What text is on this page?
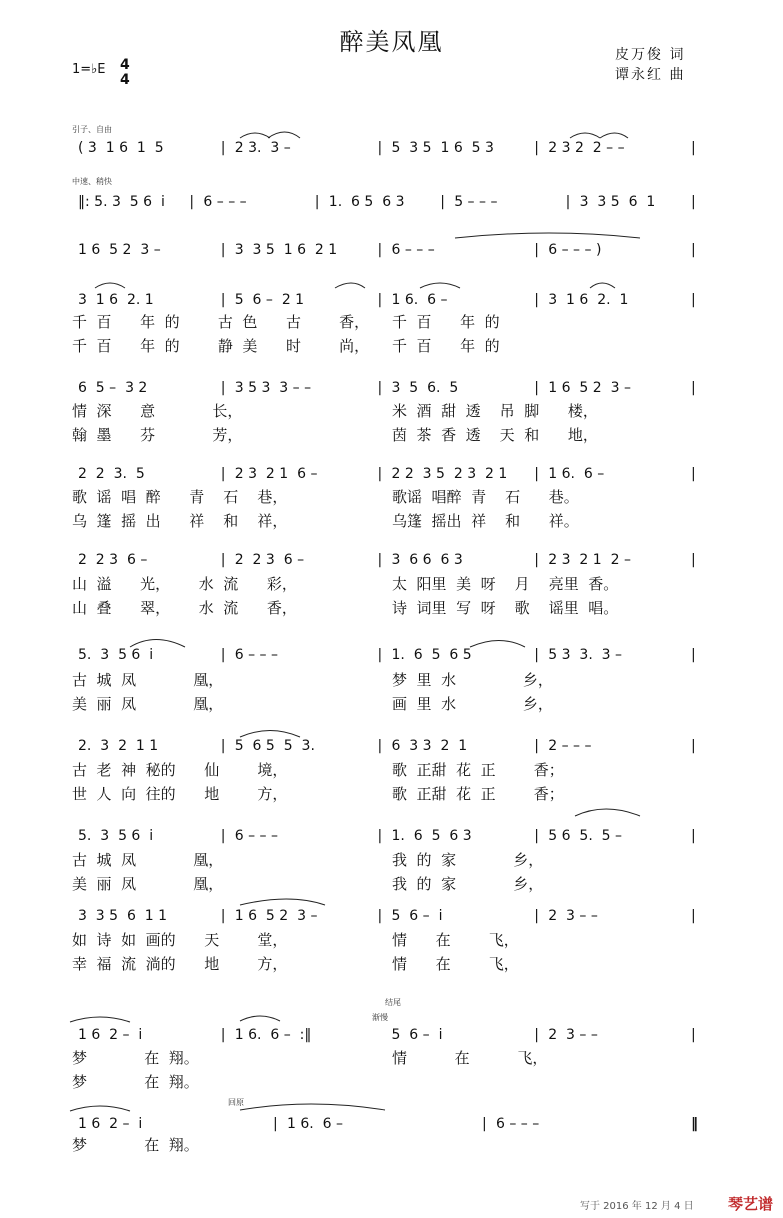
醉美凤凰	皮万俊 词
谭永红 曲
1=♭E 4
4
引子、自由
中速、稍快
结尾
渐慢
回原
( 3  1 6  1  5	| 2 3.  3 –	| 5  3 5  1 6  5 3	| 2 3 2  2 – –	|
‖: 5. 3  5 6  i | 6 – – –	| 1.  6 5  6 3	| 5 – – –	| 3  3 5  6  1	|
1 6  5 2  3 –	| 3  3 5  1 6  2 1	| 6 – – –	| 6 – – – )	|
3  1 6  2. 1	| 5  6 –  2 1	| 1 6.  6 –	| 3  1 6  2.  1	|
6  5 –  3 2	| 3 5 3  3 – –	| 3  5  6.  5	| 1 6  5 2  3 –	|
2  2  3.  5	| 2 3  2 1  6 –	| 2 2  3 5  2 3  2 1 | 1 6.  6 –	|
2  2 3  6 –	| 2  2 3  6 –	| 3  6 6  6 3	| 2 3  2 1  2 –	|
5.  3  5 6  i	| 6 – – –	| 1.  6  5  6 5	| 5 3  3.  3 –	|
2.  3  2  1 1	| 5  6 5  5  3.	| 6  3 3  2  1	| 2 – – –	|
5.  3  5 6  i	| 6 – – –	| 1.  6  5  6 3	| 5 6  5.  5 –	|
3  3 5  6  1 1	| 1 6  5 2  3 –	| 5  6 –  i	| 2  3 – –	|
1 6  2 –  i	| 1 6.  6 –  :‖	5  6 –  i	| 2  3 – –	|
1 6  2 –  i	| 1 6.  6 –	| 6 – – –	‖
千  百      年  的        古  色      古        香， 千  百      年  的
千  百      年  的        静  美      时        尚， 千  百      年  的
情  深      意            长，	米  酒  甜  透    吊  脚      楼，
翰  墨      芬            芳，	茵  茶  香  透    天  和      地，
歌  谣  唱  醉      青    石    巷，	歌谣  唱醉  青    石      巷。
乌  篷  摇  出      祥    和    祥，	乌篷  摇出  祥    和      祥。
山  溢      光，      水  流      彩，	太  阳里  美  呀    月    亮里  香。
山  叠      翠，      水  流      香，	诗  词里  写  呀    歌    谣里  唱。
古  城  凤            凰，	梦  里  水              乡，
美  丽  凤            凰，	画  里  水              乡，
古  老  神  秘的      仙        境，	歌  正甜  花  正        香；
世  人  向  往的      地        方，	歌  正甜  花  正        香；
古  城  凤            凰，	我  的  家            乡，
美  丽  凤            凰，	我  的  家            乡，
如  诗  如  画的      天        堂，	情      在        飞，
幸  福  流  淌的      地        方，	情      在        飞，
梦            在  翔。	情          在          飞，
梦            在  翔。
梦            在  翔。
琴艺谱
写于 2016 年 12 月 4 日
